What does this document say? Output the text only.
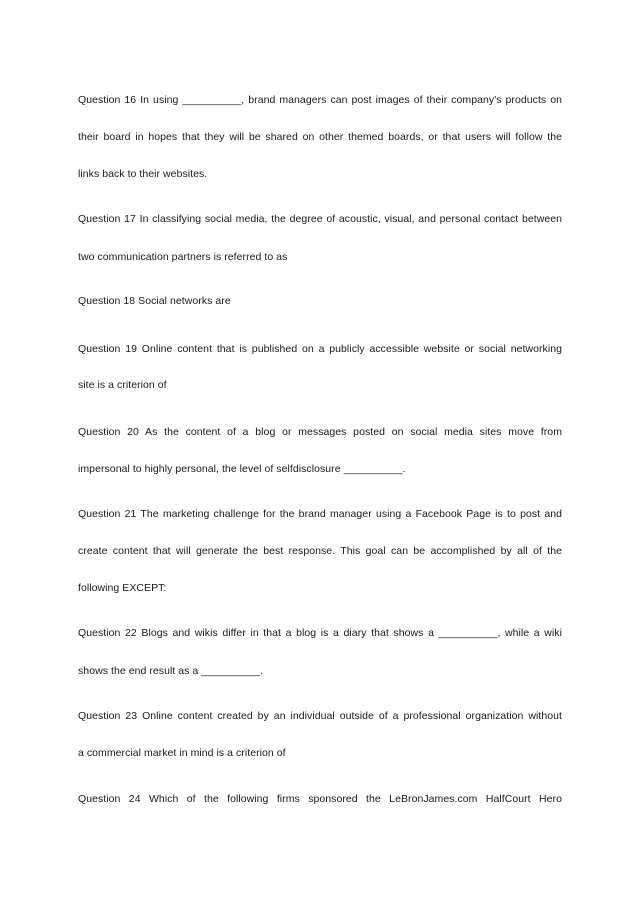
Question 16 In using __________, brand managers can post images of their company's products on
their board in hopes that they will be shared on other themed boards, or that users will follow the
links back to their websites.
Question 17 In classifying social media, the degree of acoustic, visual, and personal contact between
two communication partners is referred to as
Question 18 Social networks are
Question 19 Online content that is published on a publicly accessible website or social networking
site is a criterion of
Question 20 As the content of a blog or messages posted on social media sites move from
impersonal to highly personal, the level of selfdisclosure __________.
Question 21 The marketing challenge for the brand manager using a Facebook Page is to post and
create content that will generate the best response. This goal can be accomplished by all of the
following EXCEPT:
Question 22 Blogs and wikis differ in that a blog is a diary that shows a __________, while a wiki
shows the end result as a __________.
Question 23 Online content created by an individual outside of a professional organization without
a commercial market in mind is a criterion of
Question 24 Which of the following firms sponsored the LeBronJames.com HalfCourt Hero
